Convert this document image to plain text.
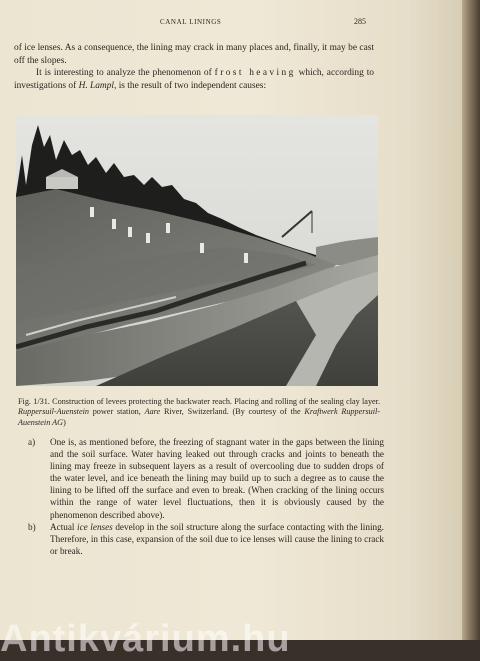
CANAL LININGS	285

of ice lenses. As a consequence, the lining may crack in many places and, finally, it may be cast off the slopes.

It is interesting to analyze the phenomenon of frost heaving which, according to investigations of H. Lampl, is the result of two independent causes:

Fig. 1/31. Construction of levees protecting the backwater reach. Placing and rolling of the sealing clay layer. Ruppersuil-Auenstein power station, Aare River, Switzerland. (By courtesy of the Kraftwerk Ruppersuil-Auenstein AG)

a) One is, as mentioned before, the freezing of stagnant water in the gaps between the lining and the soil surface. Water having leaked out through cracks and joints to beneath the lining may freeze in subsequent layers as a result of overcooling due to sudden drops of the water level, and ice beneath the lining may build up to such a degree as to cause the lining to be lifted off the surface and even to break. (When cracking of the lining occurs within the range of water level fluctuations, then it is obviously caused by the phenomenon described above).
b) Actual ice lenses develop in the soil structure along the surface contacting with the lining. Therefore, in this case, expansion of the soil due to ice lenses will cause the lining to crack or break.
Antikvárium.hu
